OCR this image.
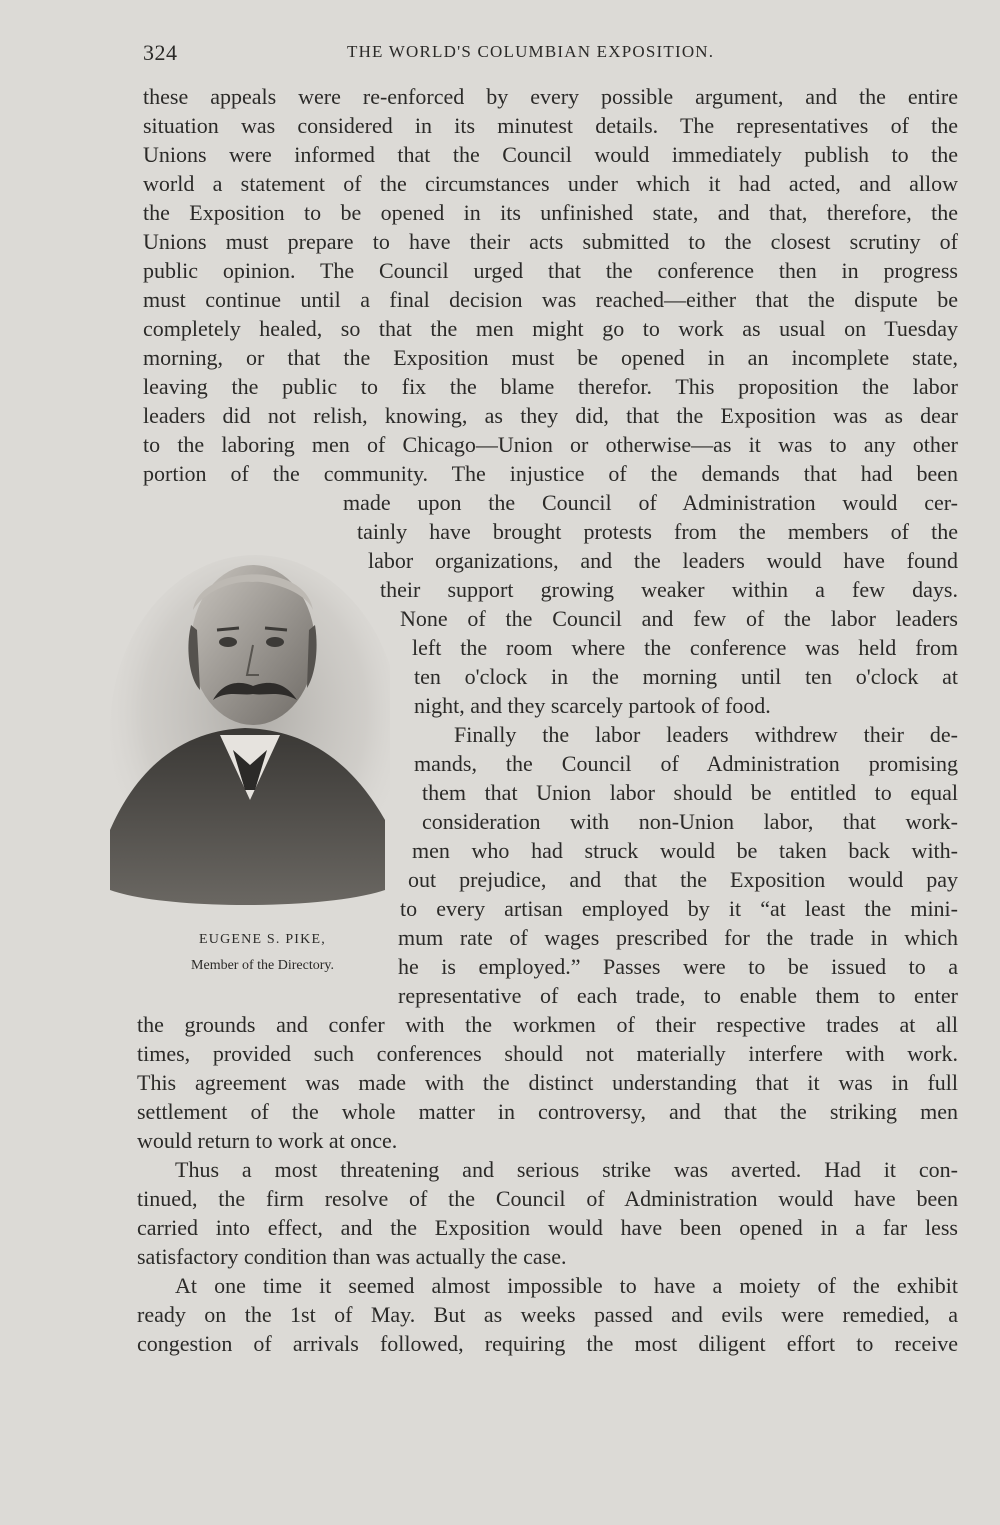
324	THE WORLD'S COLUMBIAN EXPOSITION.
these appeals were re-enforced by every possible argument, and the entire
situation was considered in its minutest details. The representatives of the
Unions were informed that the Council would immediately publish to the
world a statement of the circumstances under which it had acted, and allow
the Exposition to be opened in its unfinished state, and that, therefore, the
Unions must prepare to have their acts submitted to the closest scrutiny of
public opinion. The Council urged that the conference then in progress
must continue until a final decision was reached—either that the dispute be
completely healed, so that the men might go to work as usual on Tuesday
morning, or that the Exposition must be opened in an incomplete state,
leaving the public to fix the blame therefor. This proposition the labor
leaders did not relish, knowing, as they did, that the Exposition was as dear
to the laboring men of Chicago—Union or otherwise—as it was to any other
portion of the community. The injustice of the demands that had been
made upon the Council of Administration would cer-
tainly have brought protests from the members of the
labor organizations, and the leaders would have found
their support growing weaker within a few days.
None of the Council and few of the labor leaders
left the room where the conference was held from
ten o'clock in the morning until ten o'clock at
night, and they scarcely partook of food.
Finally the labor leaders withdrew their de-
mands, the Council of Administration promising
them that Union labor should be entitled to equal
consideration with non-Union labor, that work-
men who had struck would be taken back with-
out prejudice, and that the Exposition would pay
to every artisan employed by it “at least the mini-
mum rate of wages prescribed for the trade in which
he is employed.” Passes were to be issued to a
representative of each trade, to enable them to enter
the grounds and confer with the workmen of their respective trades at all
times, provided such conferences should not materially interfere with work.
This agreement was made with the distinct understanding that it was in full
settlement of the whole matter in controversy, and that the striking men
would return to work at once.
Thus a most threatening and serious strike was averted. Had it con-
tinued, the firm resolve of the Council of Administration would have been
carried into effect, and the Exposition would have been opened in a far less
satisfactory condition than was actually the case.
At one time it seemed almost impossible to have a moiety of the exhibit
ready on the 1st of May. But as weeks passed and evils were remedied, a
congestion of arrivals followed, requiring the most diligent effort to receive
EUGENE S. PIKE,
Member of the Directory.
